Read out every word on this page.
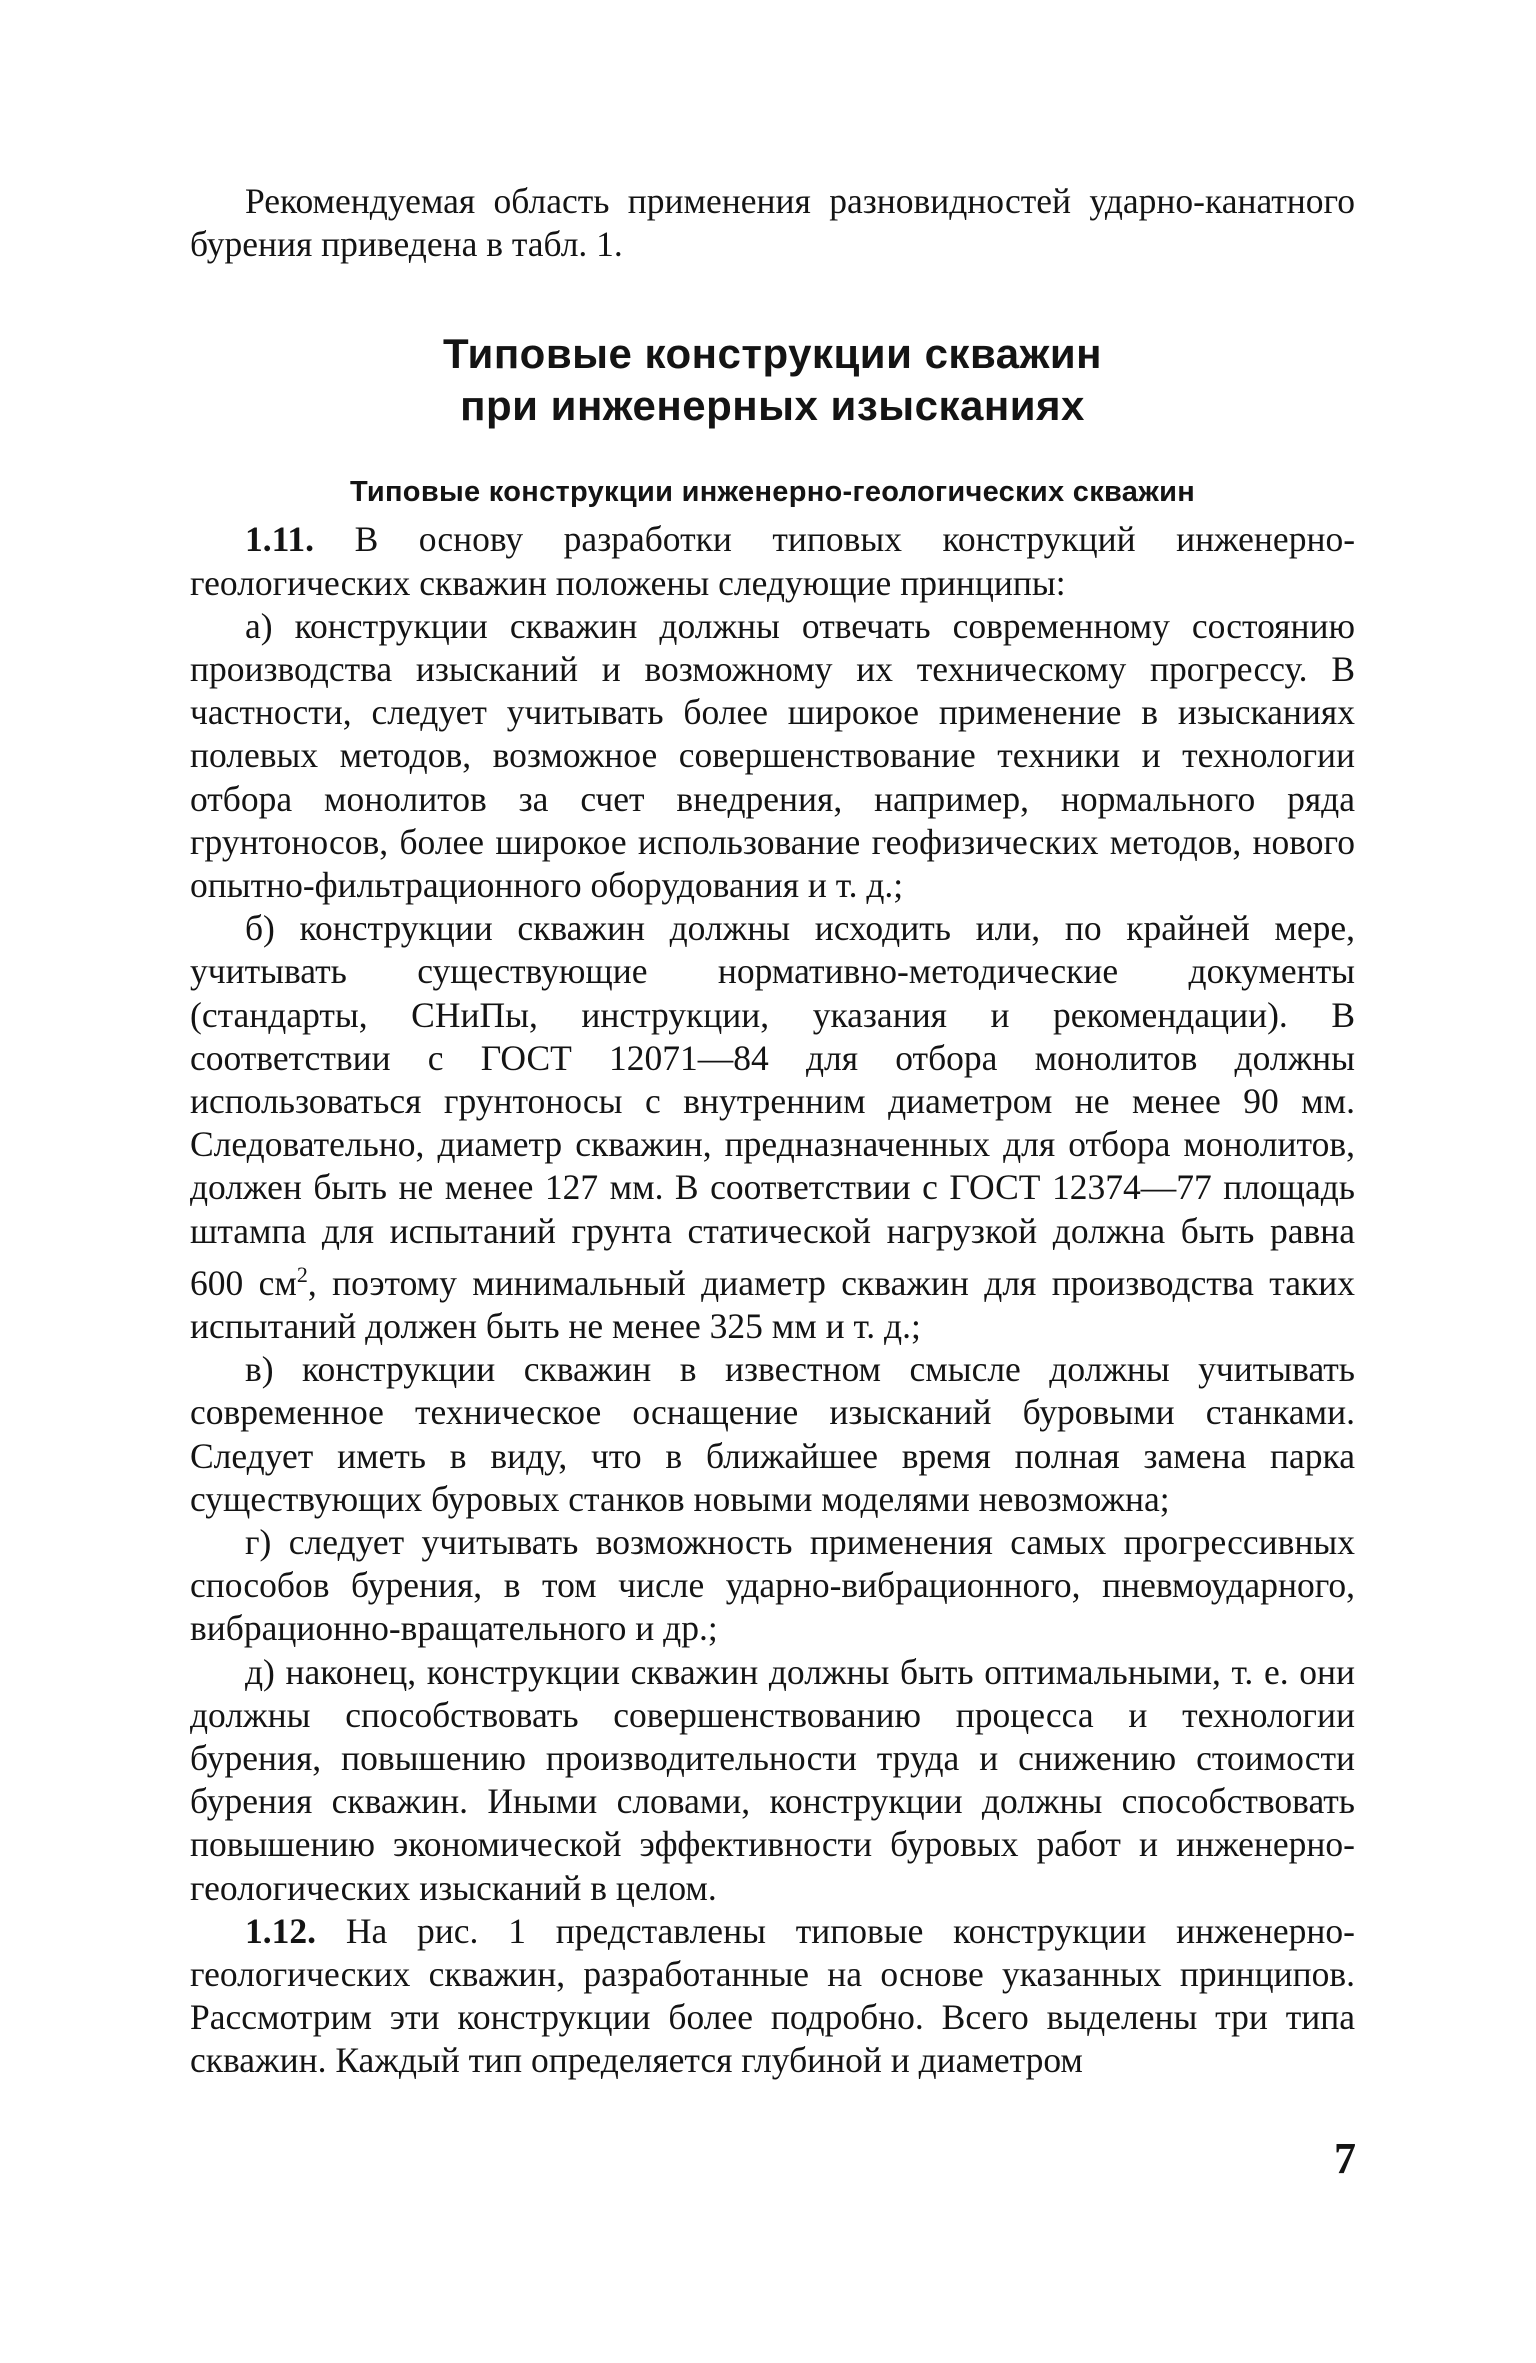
Рекомендуемая область применения разновидностей ударно-канатного бурения приведена в табл. 1.

Типовые конструкции скважин
при инженерных изысканиях
Типовые конструкции инженерно-геологических скважин

1.11. В основу разработки типовых конструкций инженерно-геологических скважин положены следующие принципы:

а) конструкции скважин должны отвечать современному состоянию производства изысканий и возможному их техническому прогрессу. В частности, следует учитывать более широкое применение в изысканиях полевых методов, возможное совершенствование техники и технологии отбора монолитов за счет внедрения, например, нормального ряда грунтоносов, более широкое использование геофизических методов, нового опытно-фильтрационного оборудования и т. д.;

б) конструкции скважин должны исходить или, по крайней мере, учитывать существующие нормативно-методические документы (стандарты, СНиПы, инструкции, указания и рекомендации). В соответствии с ГОСТ 12071—84 для отбора монолитов должны использоваться грунтоносы с внутренним диаметром не менее 90 мм. Следовательно, диаметр скважин, предназначенных для отбора монолитов, должен быть не менее 127 мм. В соответствии с ГОСТ 12374—77 площадь штампа для испытаний грунта статической нагрузкой должна быть равна 600 $см^2$, поэтому минимальный диаметр скважин для производства таких испытаний должен быть не менее 325 мм и т. д.;

в) конструкции скважин в известном смысле должны учитывать современное техническое оснащение изысканий буровыми станками. Следует иметь в виду, что в ближайшее время полная замена парка существующих буровых станков новыми моделями невозможна;

г) следует учитывать возможность применения самых прогрессивных способов бурения, в том числе ударно-вибрационного, пневмоударного, вибрационно-вращательного и др.;

д) наконец, конструкции скважин должны быть оптимальными, т. е. они должны способствовать совершенствованию процесса и технологии бурения, повышению производительности труда и снижению стоимости бурения скважин. Иными словами, конструкции должны способствовать повышению экономической эффективности буровых работ и инженерно-геологических изысканий в целом.

1.12. На рис. 1 представлены типовые конструкции инженерно-геологических скважин, разработанные на основе указанных принципов. Рассмотрим эти конструкции более подробно. Всего выделены три типа скважин. Каждый тип определяется глубиной и диаметром

7
